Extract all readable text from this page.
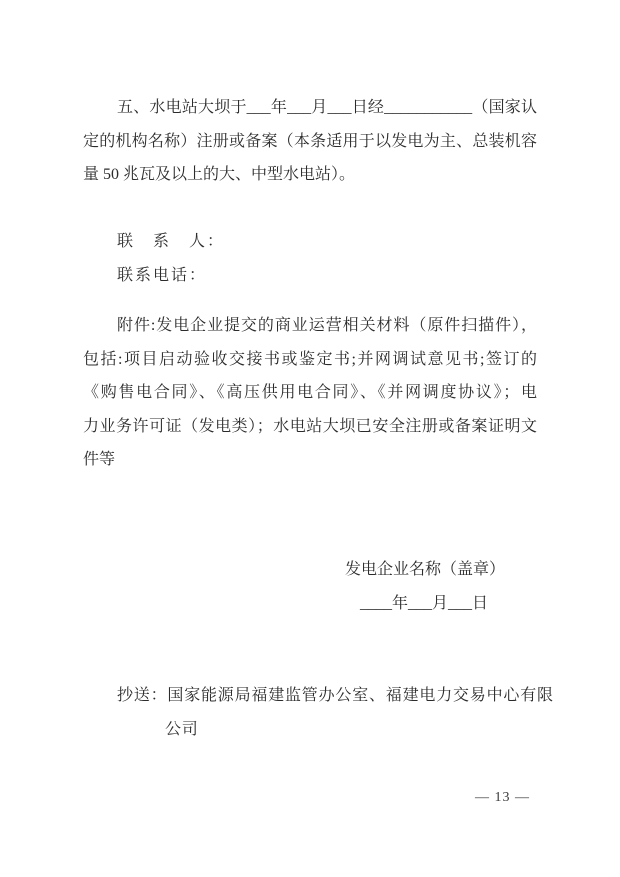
五、水电站大坝于___年___月___日经___________（国家认
定的机构名称）注册或备案（本条适用于以发电为主、总装机容
量 50 兆瓦及以上的大、中型水电站）。
联　系　人：
联系电话：
附件:发电企业提交的商业运营相关材料（原件扫描件），
包括:项目启动验收交接书或鉴定书;并网调试意见书;签订的
《购售电合同》、《高压供用电合同》、《并网调度协议》；电
力业务许可证（发电类）；水电站大坝已安全注册或备案证明文
件等
发电企业名称（盖章）
____年___月___日
抄送：国家能源局福建监管办公室、福建电力交易中心有限
公司
— 13 —
